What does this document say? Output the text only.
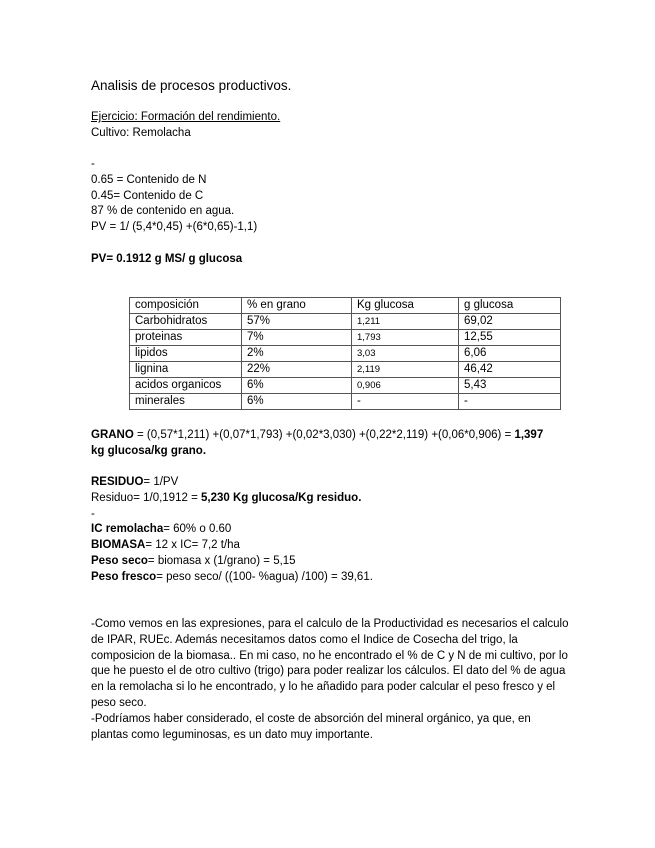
Analisis de procesos productivos.
Ejercicio: Formación del rendimiento.
Cultivo: Remolacha
-
0.65 = Contenido de N
0.45= Contenido de C
87 % de contenido en agua.
PV = 1/ (5,4*0,45) +(6*0,65)-1,1)
PV= 0.1912 g MS/ g glucosa
composición	% en grano	Kg glucosa	g glucosa
Carbohidratos	57%	1,211	69,02
proteinas	7%	1,793	12,55
lipidos	2%	3,03	6,06
lignina	22%	2,119	46,42
acidos organicos	6%	0,906	5,43
minerales	6%	-	-
GRANO = (0,57*1,211) +(0,07*1,793) +(0,02*3,030) +(0,22*2,119) +(0,06*0,906) = 1,397
kg glucosa/kg grano.
RESIDUO= 1/PV
Residuo= 1/0,1912 = 5,230 Kg glucosa/Kg residuo.
-
IC remolacha= 60% o 0.60
BIOMASA= 12 x IC= 7,2 t/ha
Peso seco= biomasa x (1/grano) = 5,15
Peso fresco= peso seco/ ((100- %agua) /100) = 39,61.
-Como vemos en las expresiones, para el calculo de la Productividad es necesarios el calculo de IPAR, RUEc. Además necesitamos datos como el Indice de Cosecha del trigo, la composicion de la biomasa.. En mi caso, no he encontrado el % de C y N de mi cultivo, por lo que he puesto el de otro cultivo (trigo) para poder realizar los cálculos. El dato del % de agua en la remolacha si lo he encontrado, y lo he añadido para poder calcular el peso fresco y el peso seco.
-Podríamos haber considerado, el coste de absorción del mineral orgánico, ya que, en plantas como leguminosas, es un dato muy importante.
